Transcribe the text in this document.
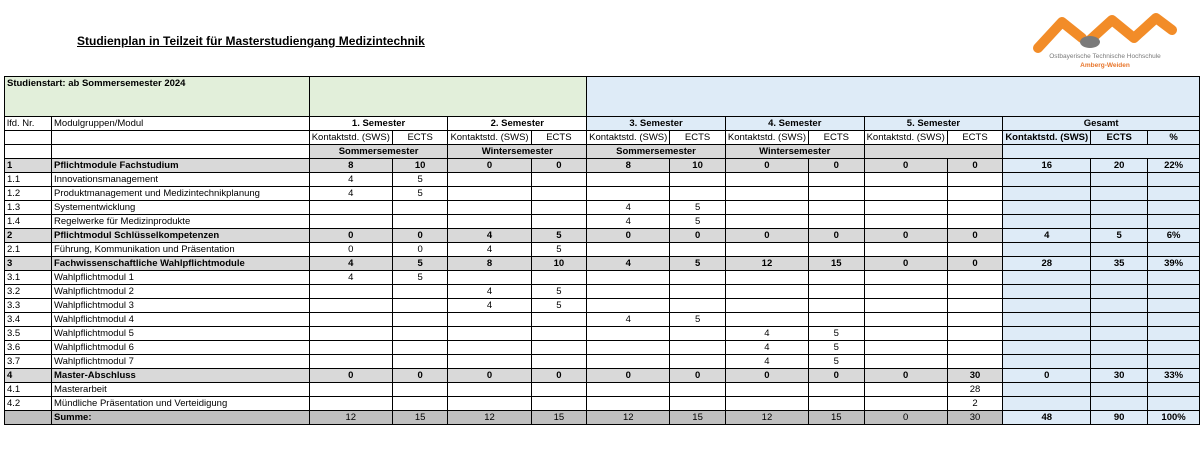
Studienplan in Teilzeit für Masterstudiengang Medizintechnik
Ostbayerische Technische Hochschule
Amberg-Weiden
Studienstart: ab Sommersemester 2024														
lfd. Nr.	Modulgruppen/Modul	1. Semester		2. Semester		3. Semester		4. Semester		5. Semester		Gesamt		
		Kontaktstd. (SWS)	ECTS	Kontaktstd. (SWS)	ECTS	Kontaktstd. (SWS)	ECTS	Kontaktstd. (SWS)	ECTS	Kontaktstd. (SWS)	ECTS	Kontaktstd. (SWS)	ECTS	%
		Sommersemester		Wintersemester		Sommersemester		Wintersemester						
1	Pflichtmodule Fachstudium	8	10	0	0	8	10	0	0	0	0	16	20	22%
1.1	Innovationsmanagement	4	5											
1.2	Produktmanagement und Medizintechnikplanung	4	5											
1.3	Systementwicklung					4	5							
1.4	Regelwerke für Medizinprodukte					4	5							
2	Pflichtmodul Schlüsselkompetenzen	0	0	4	5	0	0	0	0	0	0	4	5	6%
2.1	Führung, Kommunikation und Präsentation	0	0	4	5									
3	Fachwissenschaftliche Wahlpflichtmodule	4	5	8	10	4	5	12	15	0	0	28	35	39%
3.1	Wahlpflichtmodul 1	4	5											
3.2	Wahlpflichtmodul 2			4	5									
3.3	Wahlpflichtmodul 3			4	5									
3.4	Wahlpflichtmodul 4					4	5							
3.5	Wahlpflichtmodul 5							4	5					
3.6	Wahlpflichtmodul 6							4	5					
3.7	Wahlpflichtmodul 7							4	5					
4	Master-Abschluss	0	0	0	0	0	0	0	0	0	30	0	30	33%
4.1	Masterarbeit										28			
4.2	Mündliche Präsentation und Verteidigung										2			
	Summe:	12	15	12	15	12	15	12	15	0	30	48	90	100%
